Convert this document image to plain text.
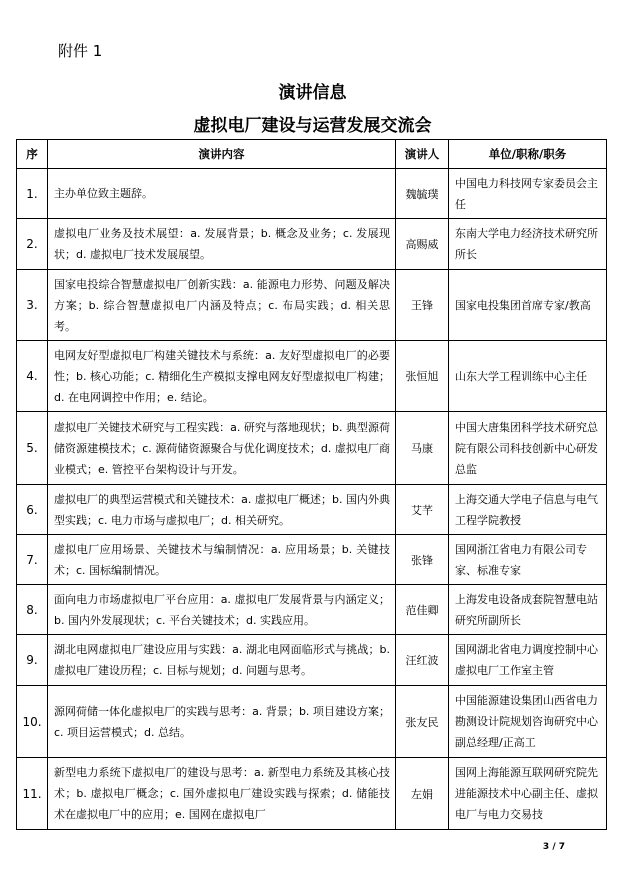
附件 1
演讲信息
虚拟电厂建设与运营发展交流会
序	演讲内容	演讲人	单位/职称/职务
1.	主办单位致主题辞。	魏毓璞	中国电力科技网专家委员会主任
2.	虚拟电厂业务及技术展望：a. 发展背景；b. 概念及业务；c. 发展现状；d. 虚拟电厂技术发展展望。	高赐威	东南大学电力经济技术研究所所长
3.	国家电投综合智慧虚拟电厂创新实践：a. 能源电力形势、问题及解决方案；b. 综合智慧虚拟电厂内涵及特点；c. 布局实践；d. 相关思考。	王锋	国家电投集团首席专家/教高
4.	电网友好型虚拟电厂构建关键技术与系统：a. 友好型虚拟电厂的必要性；b. 核心功能；c. 精细化生产模拟支撑电网友好型虚拟电厂构建；d. 在电网调控中作用；e. 结论。	张恒旭	山东大学工程训练中心主任
5.	虚拟电厂关键技术研究与工程实践：a. 研究与落地现状；b. 典型源荷储资源建模技术；c. 源荷储资源聚合与优化调度技术；d. 虚拟电厂商业模式；e. 管控平台架构设计与开发。	马康	中国大唐集团科学技术研究总院有限公司科技创新中心研发总监
6.	虚拟电厂的典型运营模式和关键技术：a. 虚拟电厂概述；b. 国内外典型实践；c. 电力市场与虚拟电厂；d. 相关研究。	艾芊	上海交通大学电子信息与电气工程学院教授
7.	虚拟电厂应用场景、关键技术与编制情况：a. 应用场景；b. 关键技术；c. 国标编制情况。	张锋	国网浙江省电力有限公司专家、标准专家
8.	面向电力市场虚拟电厂平台应用：a. 虚拟电厂发展背景与内涵定义；b. 国内外发展现状；c. 平台关键技术；d. 实践应用。	范佳卿	上海发电设备成套院智慧电站研究所副所长
9.	湖北电网虚拟电厂建设应用与实践：a. 湖北电网面临形式与挑战；b. 虚拟电厂建设历程；c. 目标与规划；d. 问题与思考。	汪红波	国网湖北省电力调度控制中心虚拟电厂工作室主管
10.	源网荷储一体化虚拟电厂的实践与思考：a. 背景；b. 项目建设方案；c. 项目运营模式；d. 总结。	张友民	中国能源建设集团山西省电力勘测设计院规划咨询研究中心副总经理/正高工
11.	新型电力系统下虚拟电厂的建设与思考：a. 新型电力系统及其核心技术；b. 虚拟电厂概念；c. 国外虚拟电厂建设实践与探索；d. 储能技术在虚拟电厂中的应用；e. 国网在虚拟电厂	左娟	国网上海能源互联网研究院先进能源技术中心副主任、虚拟电厂与电力交易技
3 / 7
